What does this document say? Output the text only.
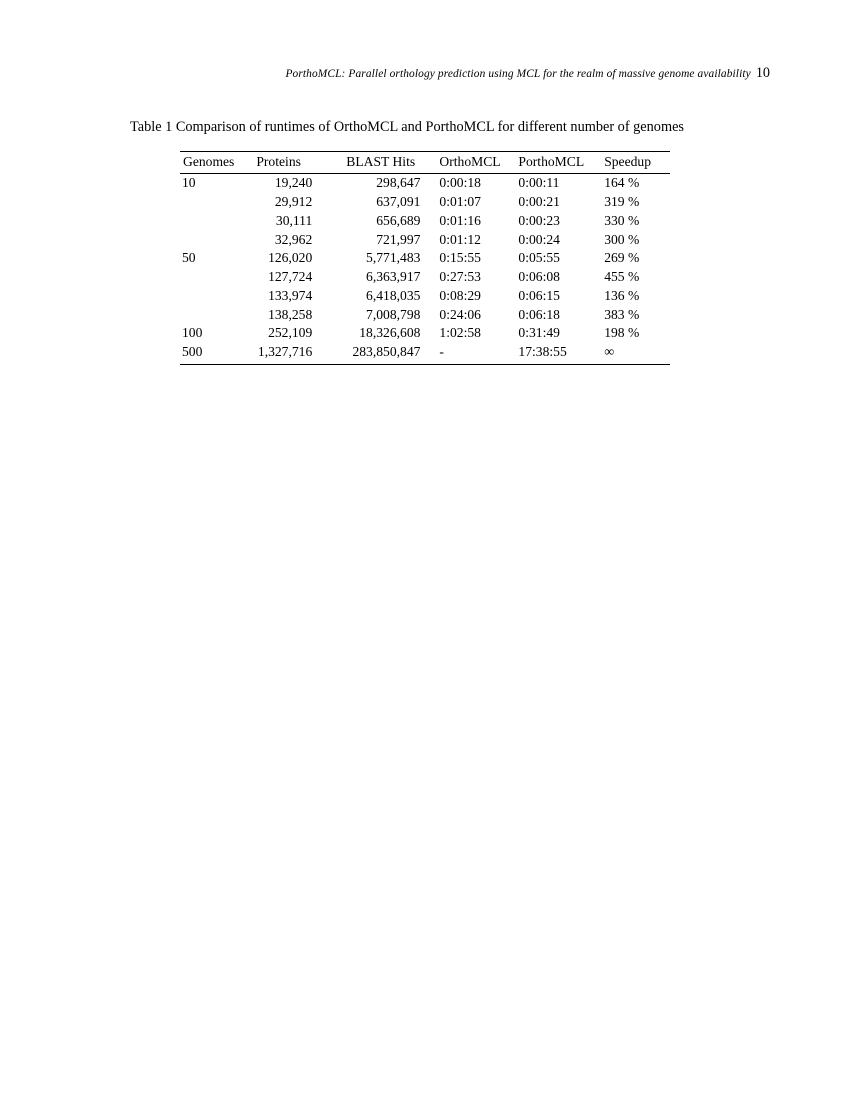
PorthoMCL: Parallel orthology prediction using MCL for the realm of massive genome availability 10
Table 1 Comparison of runtimes of OrthoMCL and PorthoMCL for different number of genomes
Genomes	Proteins	BLAST Hits	OrthoMCL	PorthoMCL	Speedup
10	19,240	298,647	0:00:18	0:00:11	164 %
	29,912	637,091	0:01:07	0:00:21	319 %
	30,111	656,689	0:01:16	0:00:23	330 %
	32,962	721,997	0:01:12	0:00:24	300 %
50	126,020	5,771,483	0:15:55	0:05:55	269 %
	127,724	6,363,917	0:27:53	0:06:08	455 %
	133,974	6,418,035	0:08:29	0:06:15	136 %
	138,258	7,008,798	0:24:06	0:06:18	383 %
100	252,109	18,326,608	1:02:58	0:31:49	198 %
500	1,327,716	283,850,847	-	17:38:55	∞
